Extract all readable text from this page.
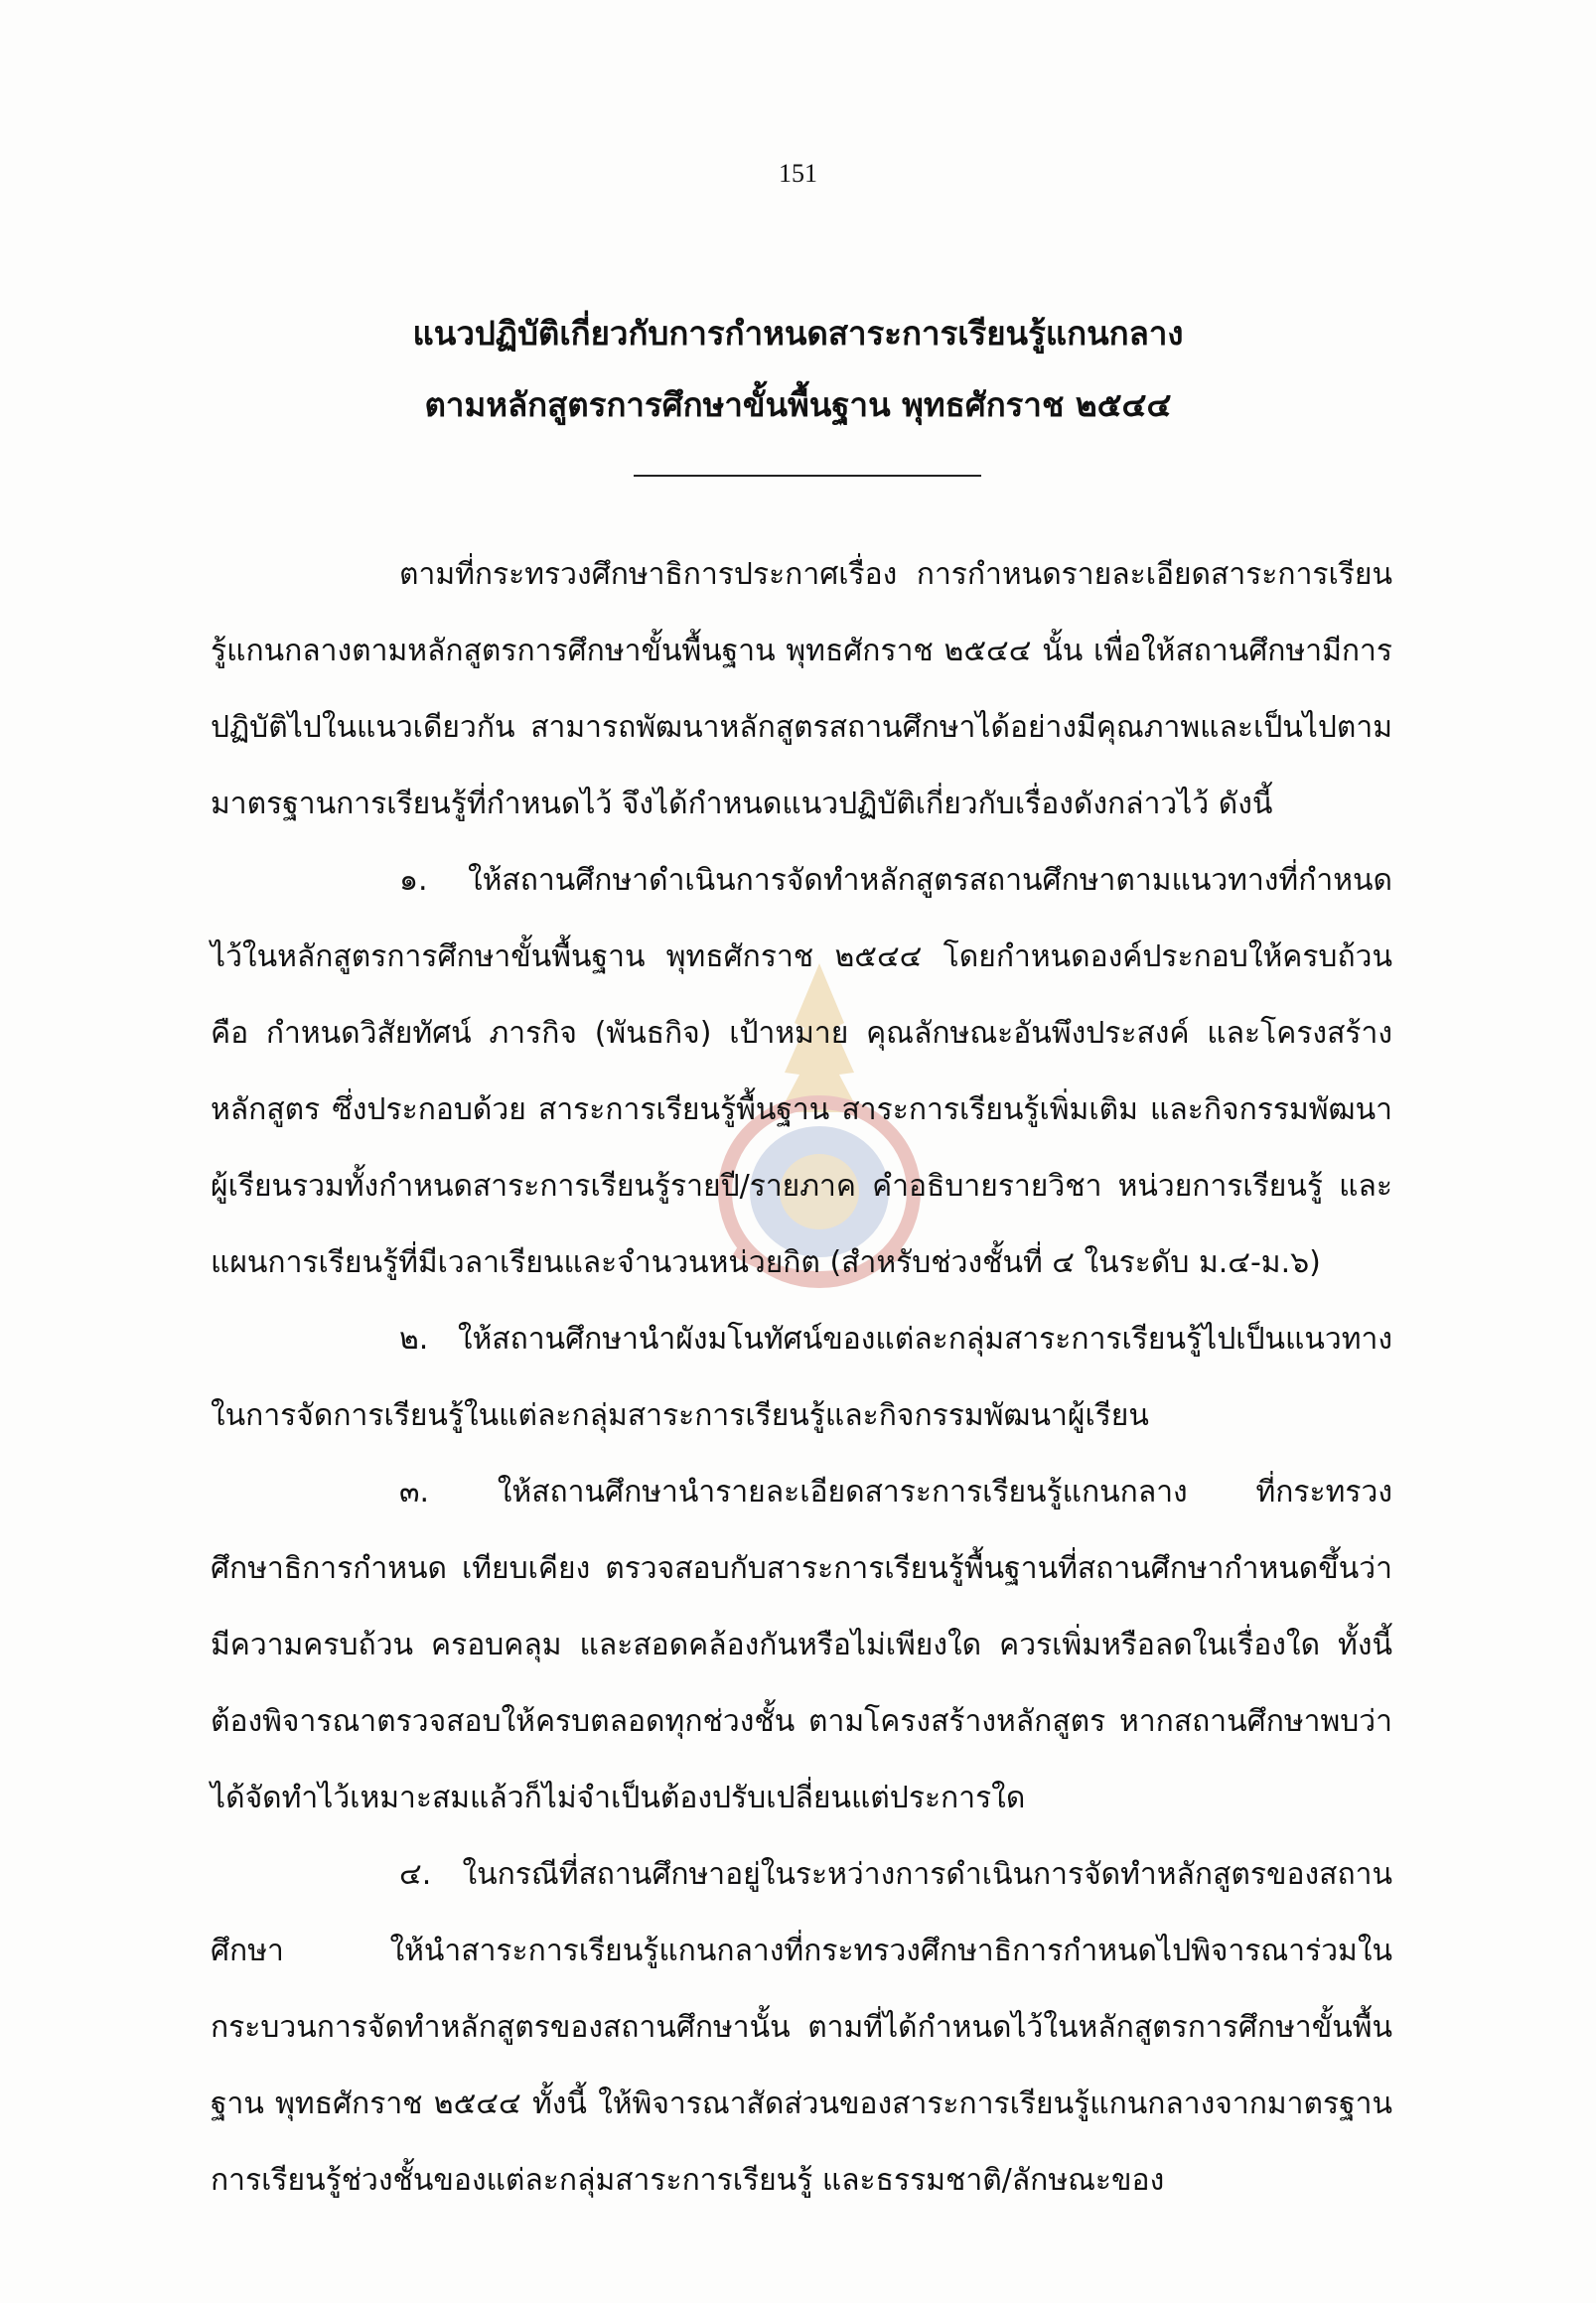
151
แนวปฏิบัติเกี่ยวกับการกำหนดสาระการเรียนรู้แกนกลาง
ตามหลักสูตรการศึกษาขั้นพื้นฐาน พุทธศักราช ๒๕๔๔

ตามที่กระทรวงศึกษาธิการประกาศเรื่อง การกำหนดรายละเอียดสาระการเรียนรู้แกนกลางตามหลักสูตรการศึกษาขั้นพื้นฐาน พุทธศักราช ๒๕๔๔ นั้น เพื่อให้สถานศึกษามีการปฏิบัติไปในแนวเดียวกัน สามารถพัฒนาหลักสูตรสถานศึกษาได้อย่างมีคุณภาพและเป็นไปตามมาตรฐานการเรียนรู้ที่กำหนดไว้ จึงได้กำหนดแนวปฏิบัติเกี่ยวกับเรื่องดังกล่าวไว้ ดังนี้

๑. ให้สถานศึกษาดำเนินการจัดทำหลักสูตรสถานศึกษาตามแนวทางที่กำหนดไว้ในหลักสูตรการศึกษาขั้นพื้นฐาน พุทธศักราช ๒๕๔๔ โดยกำหนดองค์ประกอบให้ครบถ้วนคือ กำหนดวิสัยทัศน์ ภารกิจ (พันธกิจ) เป้าหมาย คุณลักษณะอันพึงประสงค์ และโครงสร้างหลักสูตร ซึ่งประกอบด้วย สาระการเรียนรู้พื้นฐาน สาระการเรียนรู้เพิ่มเติม และกิจกรรมพัฒนาผู้เรียนรวมทั้งกำหนดสาระการเรียนรู้รายปี/รายภาค คำอธิบายรายวิชา หน่วยการเรียนรู้ และแผนการเรียนรู้ที่มีเวลาเรียนและจำนวนหน่วยกิต (สำหรับช่วงชั้นที่ ๔ ในระดับ ม.๔-ม.๖)

๒. ให้สถานศึกษานำผังมโนทัศน์ของแต่ละกลุ่มสาระการเรียนรู้ไปเป็นแนวทางในการจัดการเรียนรู้ในแต่ละกลุ่มสาระการเรียนรู้และกิจกรรมพัฒนาผู้เรียน

๓. ให้สถานศึกษานำรายละเอียดสาระการเรียนรู้แกนกลาง ที่กระทรวงศึกษาธิการกำหนด เทียบเคียง ตรวจสอบกับสาระการเรียนรู้พื้นฐานที่สถานศึกษากำหนดขึ้นว่ามีความครบถ้วน ครอบคลุม และสอดคล้องกันหรือไม่เพียงใด ควรเพิ่มหรือลดในเรื่องใด ทั้งนี้ ต้องพิจารณาตรวจสอบให้ครบตลอดทุกช่วงชั้น ตามโครงสร้างหลักสูตร หากสถานศึกษาพบว่าได้จัดทำไว้เหมาะสมแล้วก็ไม่จำเป็นต้องปรับเปลี่ยนแต่ประการใด

๔. ในกรณีที่สถานศึกษาอยู่ในระหว่างการดำเนินการจัดทำหลักสูตรของสถานศึกษา ให้นำสาระการเรียนรู้แกนกลางที่กระทรวงศึกษาธิการกำหนดไปพิจารณาร่วมในกระบวนการจัดทำหลักสูตรของสถานศึกษานั้น ตามที่ได้กำหนดไว้ในหลักสูตรการศึกษาขั้นพื้นฐาน พุทธศักราช ๒๕๔๔ ทั้งนี้ ให้พิจารณาสัดส่วนของสาระการเรียนรู้แกนกลางจากมาตรฐานการเรียนรู้ช่วงชั้นของแต่ละกลุ่มสาระการเรียนรู้ และธรรมชาติ/ลักษณะของ
